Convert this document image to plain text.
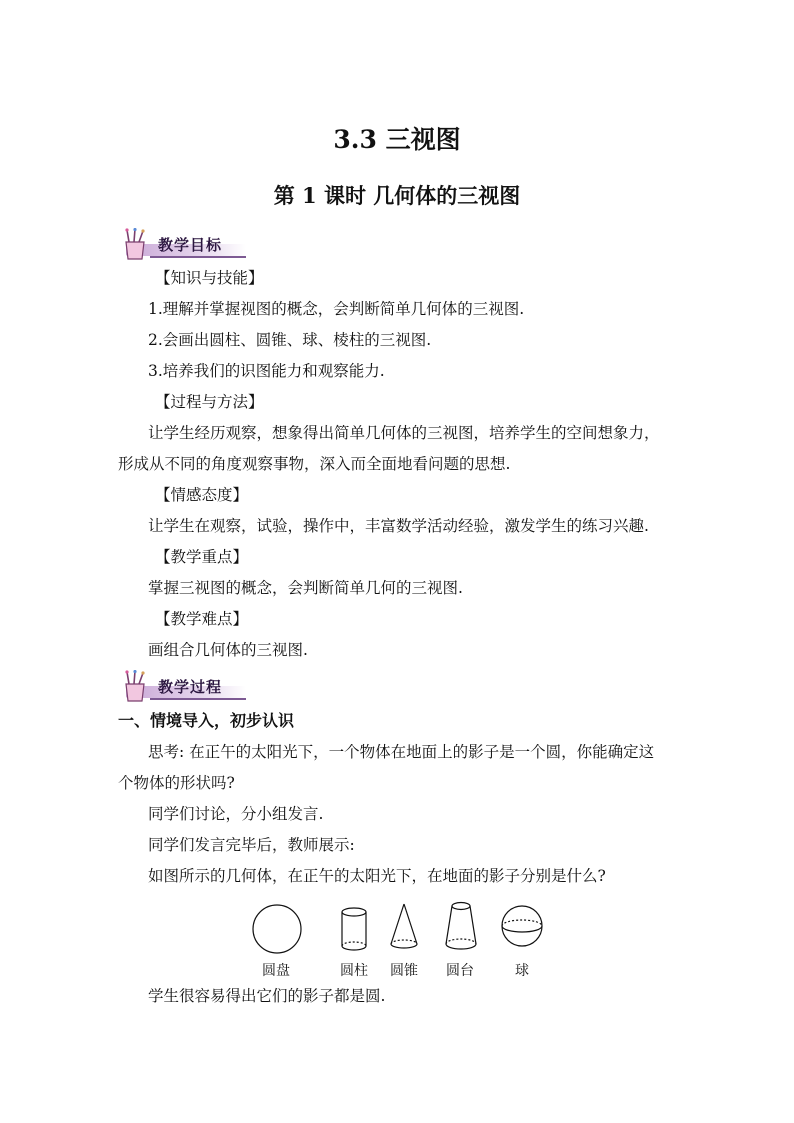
3.3 三视图
第 1 课时 几何体的三视图
教学目标
【知识与技能】
1.理解并掌握视图的概念，会判断简单几何体的三视图.
2.会画出圆柱、圆锥、球、棱柱的三视图.
3.培养我们的识图能力和观察能力.
【过程与方法】
让学生经历观察，想象得出简单几何体的三视图，培养学生的空间想象力，
形成从不同的角度观察事物，深入而全面地看问题的思想.
【情感态度】
让学生在观察，试验，操作中，丰富数学活动经验，激发学生的练习兴趣.
【教学重点】
掌握三视图的概念，会判断简单几何的三视图.
【教学难点】
画组合几何体的三视图.
教学过程
一、情境导入，初步认识
思考: 在正午的太阳光下，一个物体在地面上的影子是一个圆，你能确定这
个物体的形状吗?
同学们讨论，分小组发言.
同学们发言完毕后，教师展示:
如图所示的几何体，在正午的太阳光下，在地面的影子分别是什么?
圆盘	圆柱 圆锥 圆台	球
学生很容易得出它们的影子都是圆.
